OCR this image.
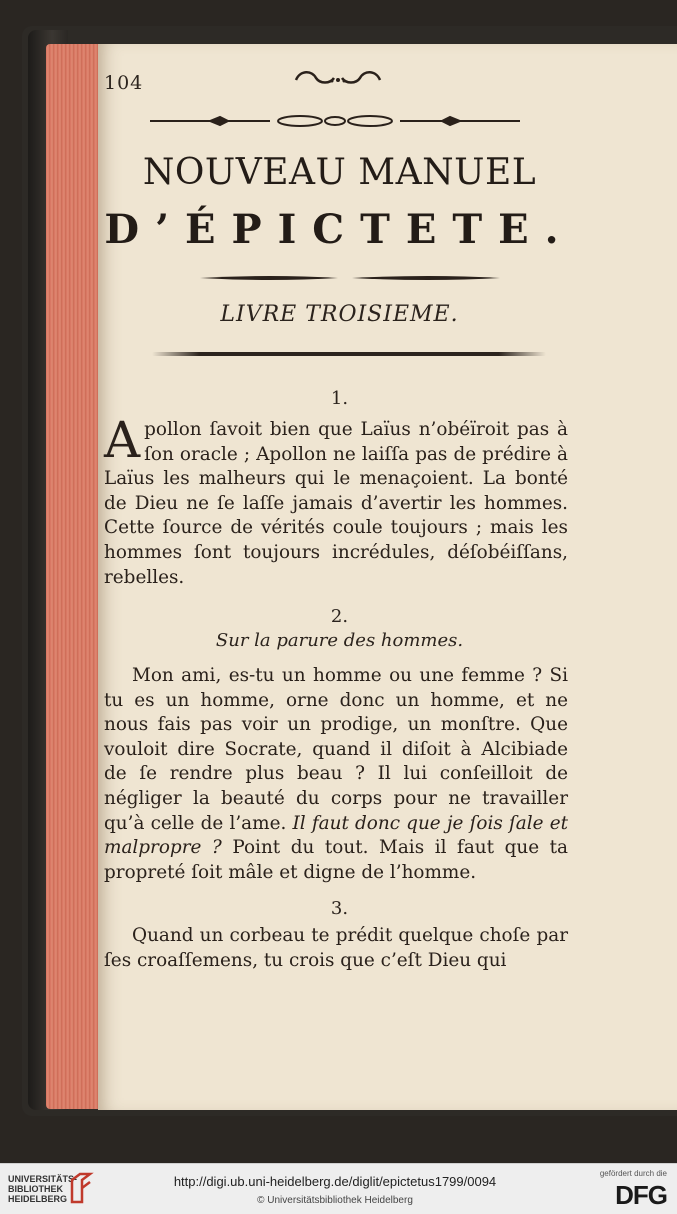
104
NOUVEAU MANUEL
D’ÉPICTETE.
LIVRE TROISIEME.
1.
A pollon ſavoit bien que Laïus n’obéïroit pas à ſon oracle ; Apollon ne laiſſa pas de prédire à Laïus les malheurs qui le menaçoient. La bonté de Dieu ne ſe laſſe jamais d’avertir les hommes. Cette ſource de vérités coule toujours ; mais les hommes ſont toujours incrédules, déſobéiſſans, rebelles.

2.
Sur la parure des hommes.

Mon ami, es-tu un homme ou une femme ? Si tu es un homme, orne donc un homme, et ne nous fais pas voir un prodige, un monſtre. Que vouloit dire Socrate, quand il diſoit à Alcibiade de ſe rendre plus beau ? Il lui conſeilloit de négliger la beauté du corps pour ne travailler qu’à celle de l’ame. Il faut donc que je ſois ſale et malpropre ? Point du tout. Mais il faut que ta propreté ſoit mâle et digne de l’homme.

3.

Quand un corbeau te prédit quelque choſe par ſes croaſſemens, tu crois que c’eſt Dieu qui

UNIVERSITÄTS-
BIBLIOTHEK
HEIDELBERG
http://digi.ub.uni-heidelberg.de/diglit/epictetus1799/0094
© Universitätsbibliothek Heidelberg
gefördert durch die
DFG
